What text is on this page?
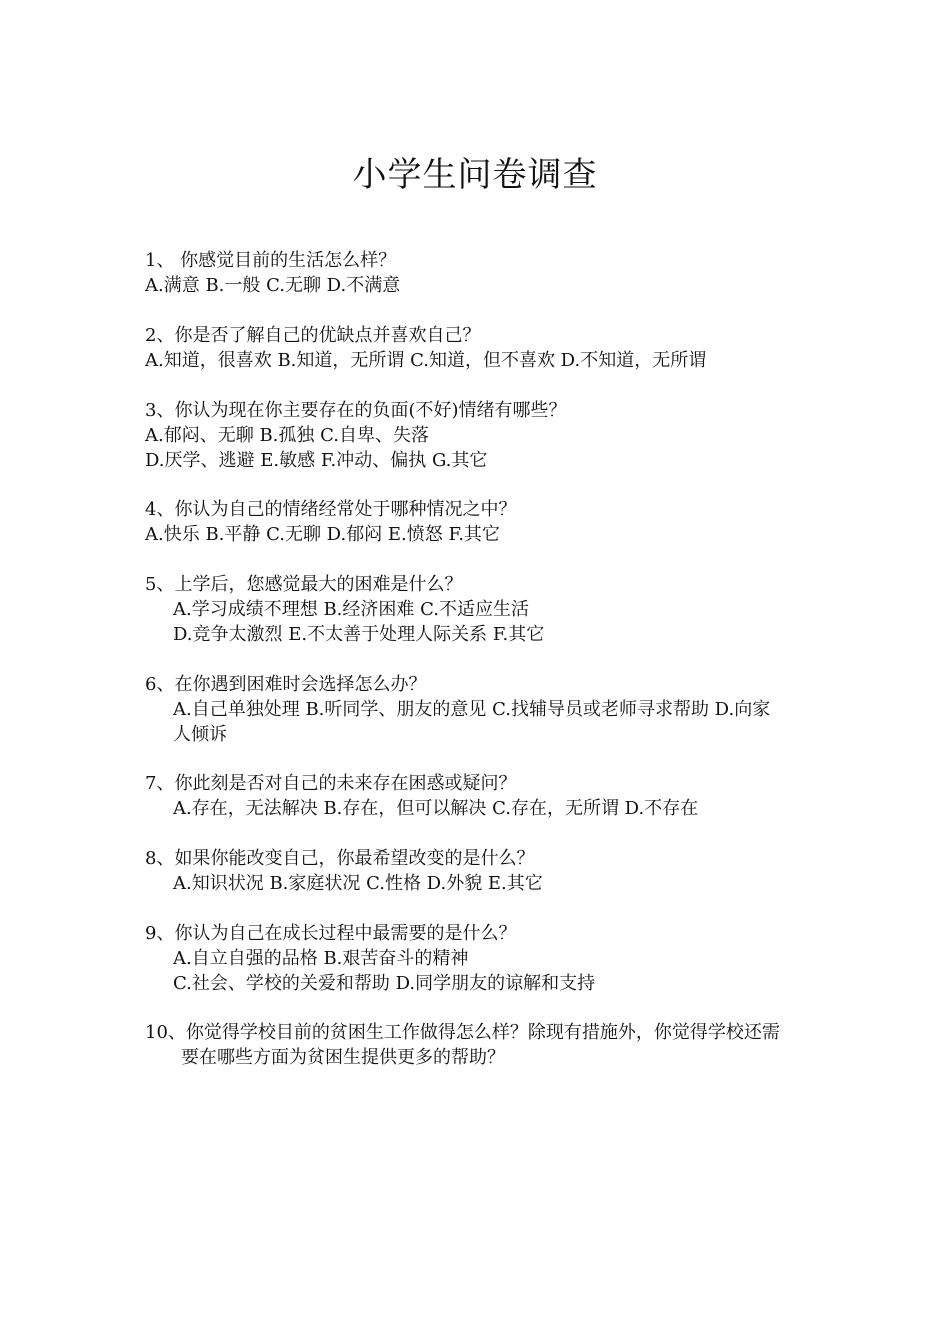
小学生问卷调查
1、 你感觉目前的生活怎么样？
A.满意 B.一般 C.无聊 D.不满意
2、你是否了解自己的优缺点并喜欢自己？
A.知道，很喜欢 B.知道，无所谓 C.知道，但不喜欢 D.不知道，无所谓
3、你认为现在你主要存在的负面(不好)情绪有哪些？
A.郁闷、无聊 B.孤独 C.自卑、失落
D.厌学、逃避 E.敏感 F.冲动、偏执 G.其它
4、你认为自己的情绪经常处于哪种情况之中？
A.快乐 B.平静 C.无聊 D.郁闷 E.愤怒 F.其它
5、上学后，您感觉最大的困难是什么？
A.学习成绩不理想 B.经济困难 C.不适应生活
D.竞争太激烈 E.不太善于处理人际关系 F.其它
6、在你遇到困难时会选择怎么办？
A.自己单独处理 B.听同学、朋友的意见 C.找辅导员或老师寻求帮助 D.向家
人倾诉
7、你此刻是否对自己的未来存在困惑或疑问？
A.存在，无法解决 B.存在，但可以解决 C.存在，无所谓 D.不存在
8、如果你能改变自己，你最希望改变的是什么？
A.知识状况 B.家庭状况 C.性格 D.外貌 E.其它
9、你认为自己在成长过程中最需要的是什么？
A.自立自强的品格 B.艰苦奋斗的精神
C.社会、学校的关爱和帮助 D.同学朋友的谅解和支持
10、你觉得学校目前的贫困生工作做得怎么样？除现有措施外，你觉得学校还需
要在哪些方面为贫困生提供更多的帮助？
